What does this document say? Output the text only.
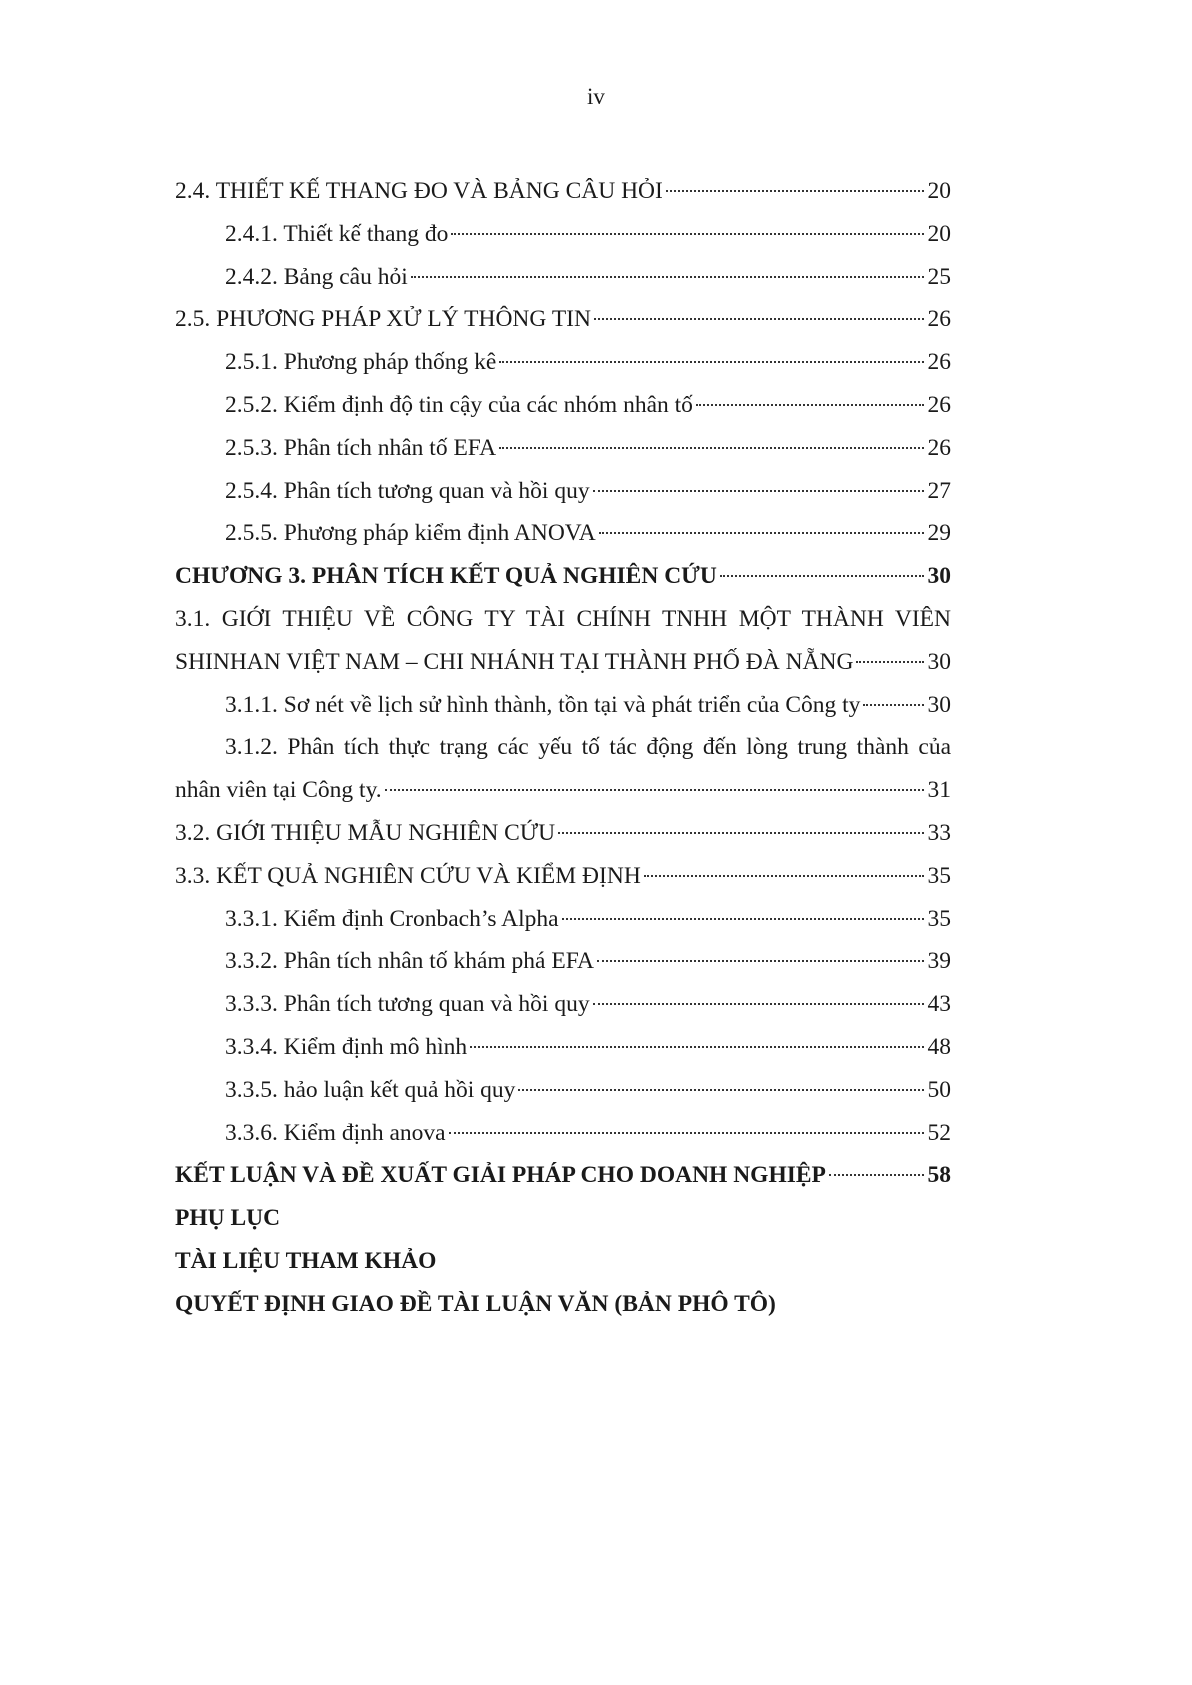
iv
2.4. THIẾT KẾ THANG ĐO VÀ BẢNG CÂU HỎI	20
2.4.1. Thiết kế thang đo	20
2.4.2. Bảng câu hỏi	25
2.5. PHƯƠNG PHÁP XỬ LÝ THÔNG TIN	26
2.5.1. Phương pháp thống kê	26
2.5.2. Kiểm định độ tin cậy của các nhóm nhân tố	26
2.5.3. Phân tích nhân tố EFA	26
2.5.4. Phân tích tương quan và hồi quy	27
2.5.5. Phương pháp kiểm định ANOVA	29
CHƯƠNG 3. PHÂN TÍCH KẾT QUẢ NGHIÊN CỨU	30
3.1. GIỚI THIỆU VỀ CÔNG TY TÀI CHÍNH TNHH MỘT THÀNH VIÊN
SHINHAN VIỆT NAM – CHI NHÁNH TẠI THÀNH PHỐ ĐÀ NẴNG	30
3.1.1. Sơ nét về lịch sử hình thành, tồn tại và phát triển của Công ty	30
3.1.2. Phân tích thực trạng các yếu tố tác động đến lòng trung thành của
nhân viên tại Công ty.	31
3.2. GIỚI THIỆU MẪU NGHIÊN CỨU	33
3.3. KẾT QUẢ NGHIÊN CỨU VÀ KIỂM ĐỊNH	35
3.3.1. Kiểm định Cronbach’s Alpha	35
3.3.2. Phân tích nhân tố khám phá EFA	39
3.3.3. Phân tích tương quan và hồi quy	43
3.3.4. Kiểm định mô hình	48
3.3.5. hảo luận kết quả hồi quy	50
3.3.6. Kiểm định anova	52
KẾT LUẬN VÀ ĐỀ XUẤT GIẢI PHÁP CHO DOANH NGHIỆP	58
PHỤ LỤC
TÀI LIỆU THAM KHẢO
QUYẾT ĐỊNH GIAO ĐỀ TÀI LUẬN VĂN (BẢN PHÔ TÔ)
